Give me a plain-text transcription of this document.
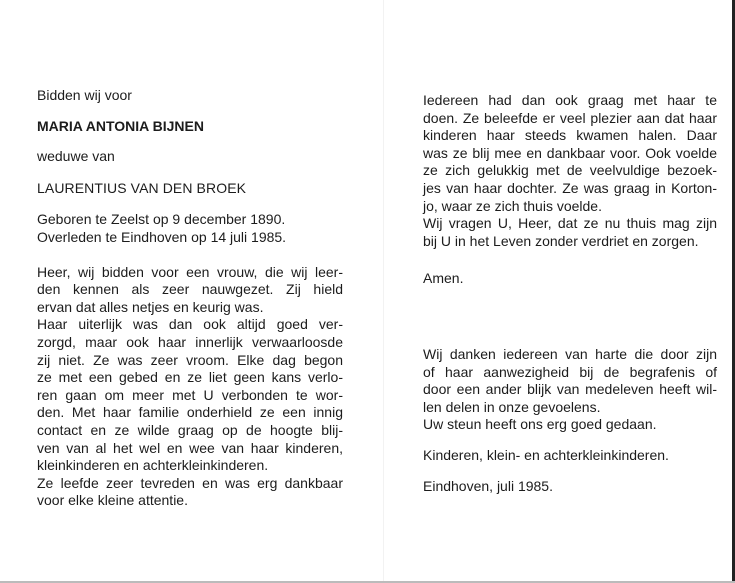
Bidden wij voor
MARIA ANTONIA BIJNEN
weduwe van
LAURENTIUS VAN DEN BROEK
Geboren te Zeelst op 9 december 1890.
Overleden te Eindhoven op 14 juli 1985.
Heer, wij bidden voor een vrouw, die wij leer-
den kennen als zeer nauwgezet. Zij hield
ervan dat alles netjes en keurig was.
Haar uiterlijk was dan ook altijd goed ver-
zorgd, maar ook haar innerlijk verwaarloosde
zij niet. Ze was zeer vroom. Elke dag begon
ze met een gebed en ze liet geen kans verlo-
ren gaan om meer met U verbonden te wor-
den. Met haar familie onderhield ze een innig
contact en ze wilde graag op de hoogte blij-
ven van al het wel en wee van haar kinderen,
kleinkinderen en achterkleinkinderen.
Ze leefde zeer tevreden en was erg dankbaar
voor elke kleine attentie.
Iedereen had dan ook graag met haar te
doen. Ze beleefde er veel plezier aan dat haar
kinderen haar steeds kwamen halen. Daar
was ze blij mee en dankbaar voor. Ook voelde
ze zich gelukkig met de veelvuldige bezoek-
jes van haar dochter. Ze was graag in Korton-
jo, waar ze zich thuis voelde.
Wij vragen U, Heer, dat ze nu thuis mag zijn
bij U in het Leven zonder verdriet en zorgen.
Amen.
Wij danken iedereen van harte die door zijn
of haar aanwezigheid bij de begrafenis of
door een ander blijk van medeleven heeft wil-
len delen in onze gevoelens.
Uw steun heeft ons erg goed gedaan.
Kinderen, klein- en achterkleinkinderen.
Eindhoven, juli 1985.
